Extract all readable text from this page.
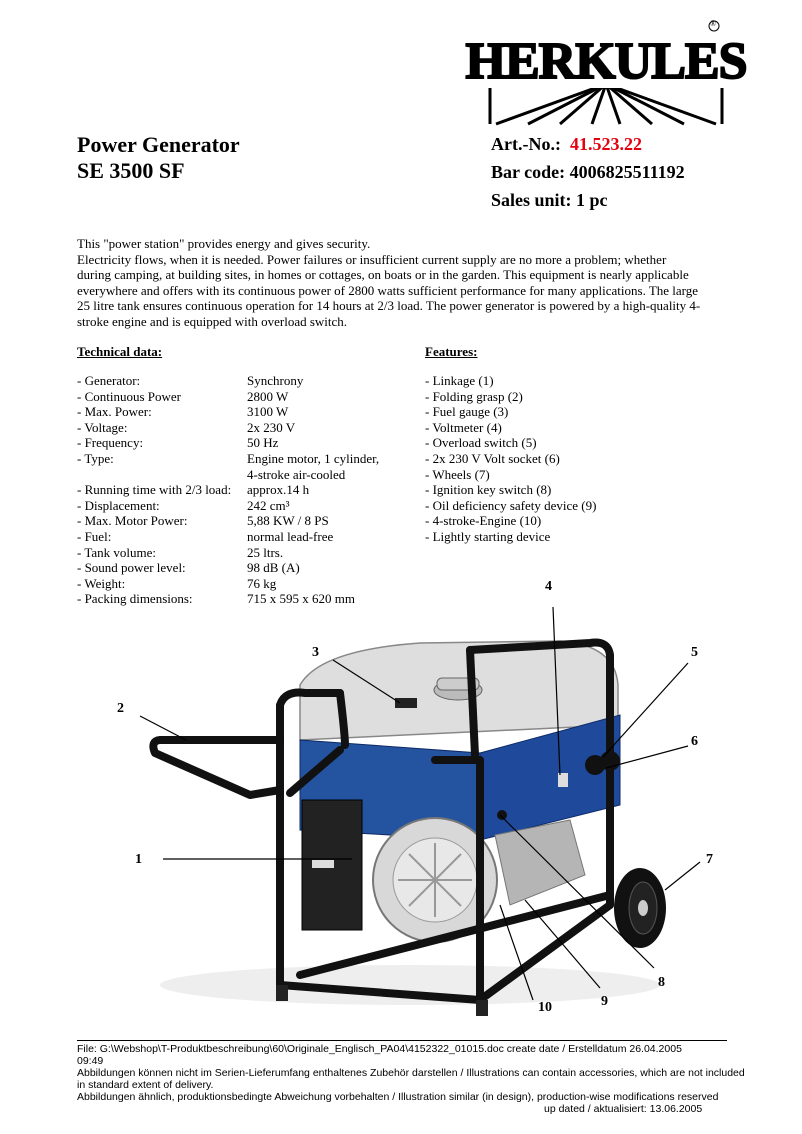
HERKULES
®
Power Generator
SE 3500 SF
Art.-No.: 41.523.22
Bar code: 4006825511192
Sales unit: 1 pc
This "power station" provides energy and gives security.
Electricity flows, when it is needed. Power failures or insufficient current supply are no more a problem; whether
during camping, at building sites, in homes or cottages, on boats or in the garden. This equipment is nearly applicable
everywhere and offers with its continuous power of 2800 watts sufficient performance for many applications. The large
25 litre tank ensures continuous operation for 14 hours at 2/3 load. The power generator is powered by a high-quality 4-
stroke engine and is equipped with overload switch.
Technical data:
- Generator:	Synchrony
- Continuous Power	2800 W
- Max. Power:	3100 W
- Voltage:	2x 230 V
- Frequency:	50 Hz
- Type:	Engine motor, 1 cylinder,
4-stroke air-cooled
- Running time with 2/3 load:	approx.14 h
- Displacement:	242 cm³
- Max. Motor Power:	5,88 KW / 8 PS
- Fuel:	normal lead-free
- Tank volume:	25 ltrs.
- Sound power level:	98 dB (A)
- Weight:	76 kg
- Packing dimensions:	715 x 595 x 620 mm
Features:
- Linkage (1)
- Folding grasp (2)
- Fuel gauge (3)
- Voltmeter (4)
- Overload switch (5)
- 2x 230 V Volt socket (6)
- Wheels (7)
- Ignition key switch (8)
- Oil deficiency safety device (9)
- 4-stroke-Engine (10)
- Lightly starting device
1
2
3
4
5
6
7
8
9
10
File: G:\Webshop\T-Produktbeschreibung\60\Originale_Englisch_PA04\4152322_01015.doc create date / Erstelldatum 26.04.2005
09:49
Abbildungen können nicht im Serien-Lieferumfang enthaltenes Zubehör darstellen / Illustrations can contain accessories, which are not included
in standard extent of delivery.
Abbildungen ähnlich, produktionsbedingte Abweichung vorbehalten / Illustration similar (in design), production-wise modifications reserved
up dated / aktualisiert: 13.06.2005
